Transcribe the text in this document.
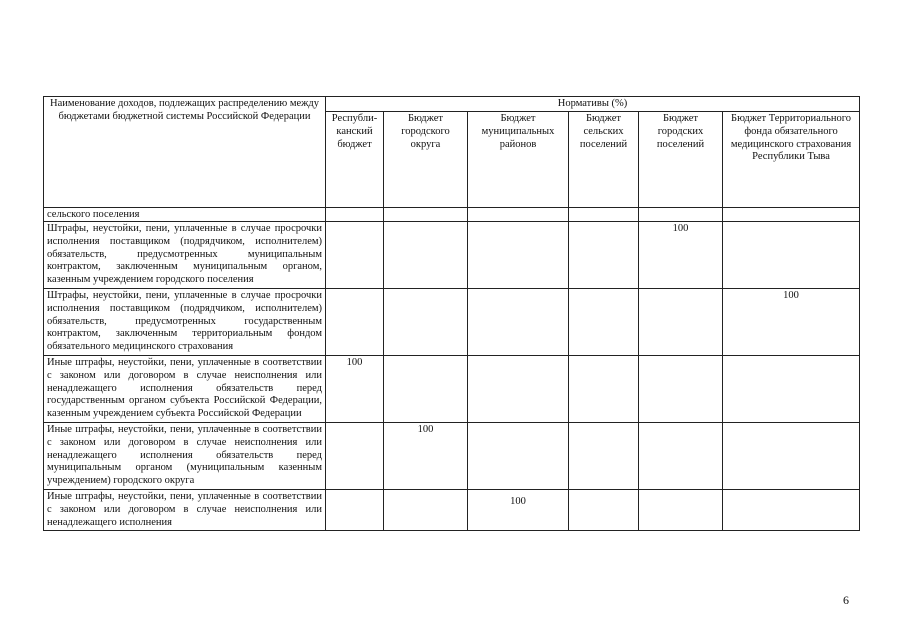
Наименование доходов, подлежащих распределению между бюджетами бюджетной системы Российской Федерации	Нормативы (%)					
	Республи-канский бюджет	Бюджет городского округа	Бюджет муниципальных районов	Бюджет сельских поселений	Бюджет городских поселений	Бюджет Территориального фонда обязательного медицинского страхования Республики Тыва
сельского поселения						
Штрафы, неустойки, пени, уплаченные в случае просрочки исполнения поставщиком (подрядчиком, исполнителем) обязательств, предусмотренных муниципальным контрактом, заключенным муниципальным органом, казенным учреждением городского поселения					100	
Штрафы, неустойки, пени, уплаченные в случае просрочки исполнения поставщиком (подрядчиком, исполнителем) обязательств, предусмотренных государственным контрактом, заключенным территориальным фондом обязательного медицинского страхования						100
Иные штрафы, неустойки, пени, уплаченные в соответствии с законом или договором в случае неисполнения или ненадлежащего исполнения обязательств перед государственным органом субъекта Российской Федерации, казенным учреждением субъекта Российской Федерации	100					
Иные штрафы, неустойки, пени, уплаченные в соответствии с законом или договором в случае неисполнения или ненадлежащего исполнения обязательств перед муниципальным органом (муниципальным казенным учреждением) городского округа		100				
Иные штрафы, неустойки, пени, уплаченные в соответствии с законом или договором в случае неисполнения или ненадлежащего исполнения			100			
6
